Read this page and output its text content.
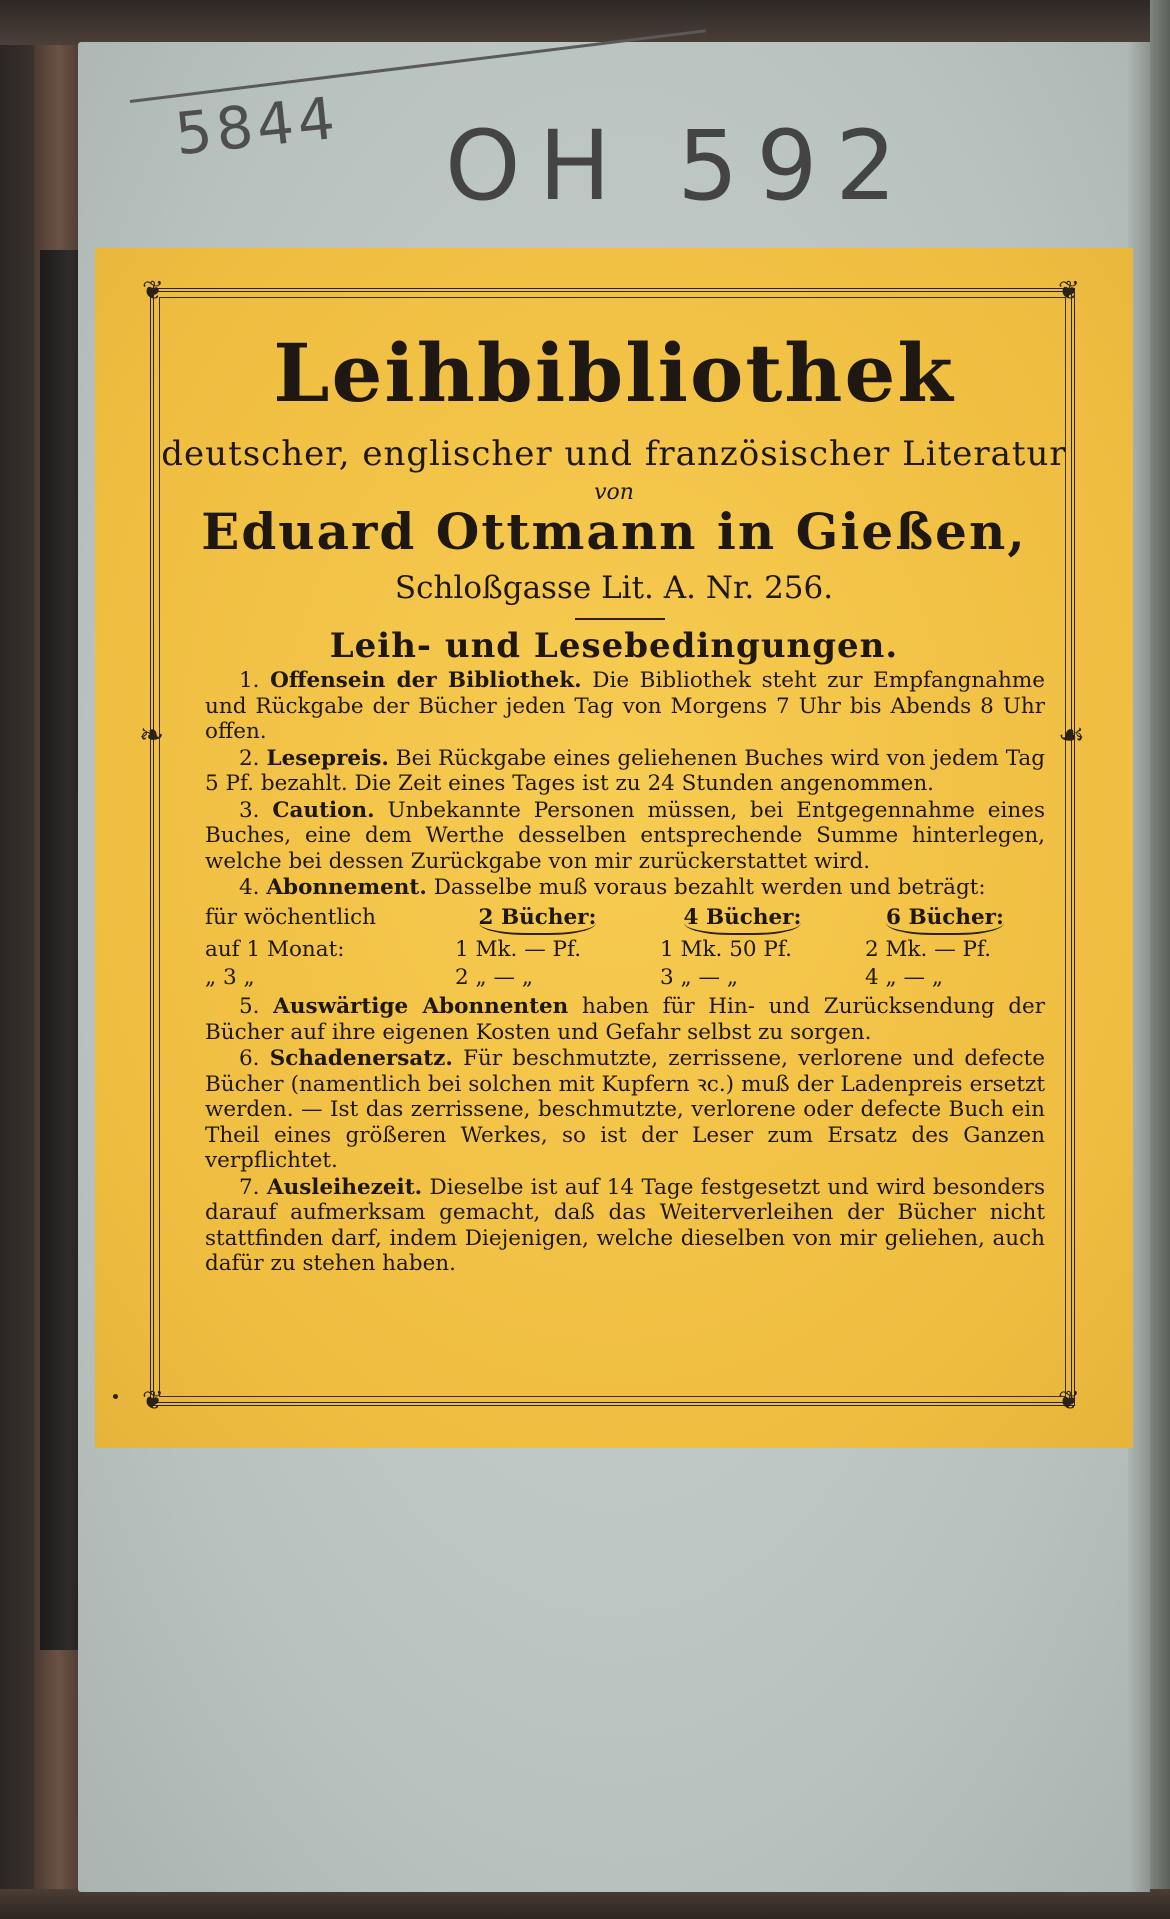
5844 OH 592
❦	❦
❦	❦
❧	☙
Leihbibliothek
deutscher, englischer und französischer Literatur
von
Eduard Ottmann in Gießen,
Schloßgasse Lit. A. Nr. 256.
Leih- und Lesebedingungen.

1. Offensein der Bibliothek. Die Bibliothek steht zur Empfangnahme und Rückgabe der Bücher jeden Tag von Morgens 7 Uhr bis Abends 8 Uhr offen.

2. Lesepreis. Bei Rückgabe eines geliehenen Buches wird von jedem Tag 5 Pf. bezahlt. Die Zeit eines Tages ist zu 24 Stunden angenommen.

3. Caution. Unbekannte Personen müssen, bei Entgegennahme eines Buches, eine dem Werthe desselben entsprechende Summe hinterlegen, welche bei dessen Zurückgabe von mir zurückerstattet wird.

4. Abonnement. Dasselbe muß voraus bezahlt werden und beträgt:

für wöchentlich	2 Bücher:	4 Bücher:	6 Bücher:
auf 1 Monat:	1 Mk. — Pf.	1 Mk. 50 Pf.	2 Mk. — Pf.
„ 3 „	2 „ — „	3 „ — „	4 „ — „

5. Auswärtige Abonnenten haben für Hin- und Zurücksendung der Bücher auf ihre eigenen Kosten und Gefahr selbst zu sorgen.

6. Schadenersatz. Für beschmutzte, zerrissene, verlorene und defecte Bücher (namentlich bei solchen mit Kupfern ꝛc.) muß der Ladenpreis ersetzt werden. — Ist das zerrissene, beschmutzte, verlorene oder defecte Buch ein Theil eines größeren Werkes, so ist der Leser zum Ersatz des Ganzen verpflichtet.

7. Ausleihezeit. Dieselbe ist auf 14 Tage festgesetzt und wird besonders darauf aufmerksam gemacht, daß das Weiterverleihen der Bücher nicht stattfinden darf, indem Diejenigen, welche dieselben von mir geliehen, auch dafür zu stehen haben.
